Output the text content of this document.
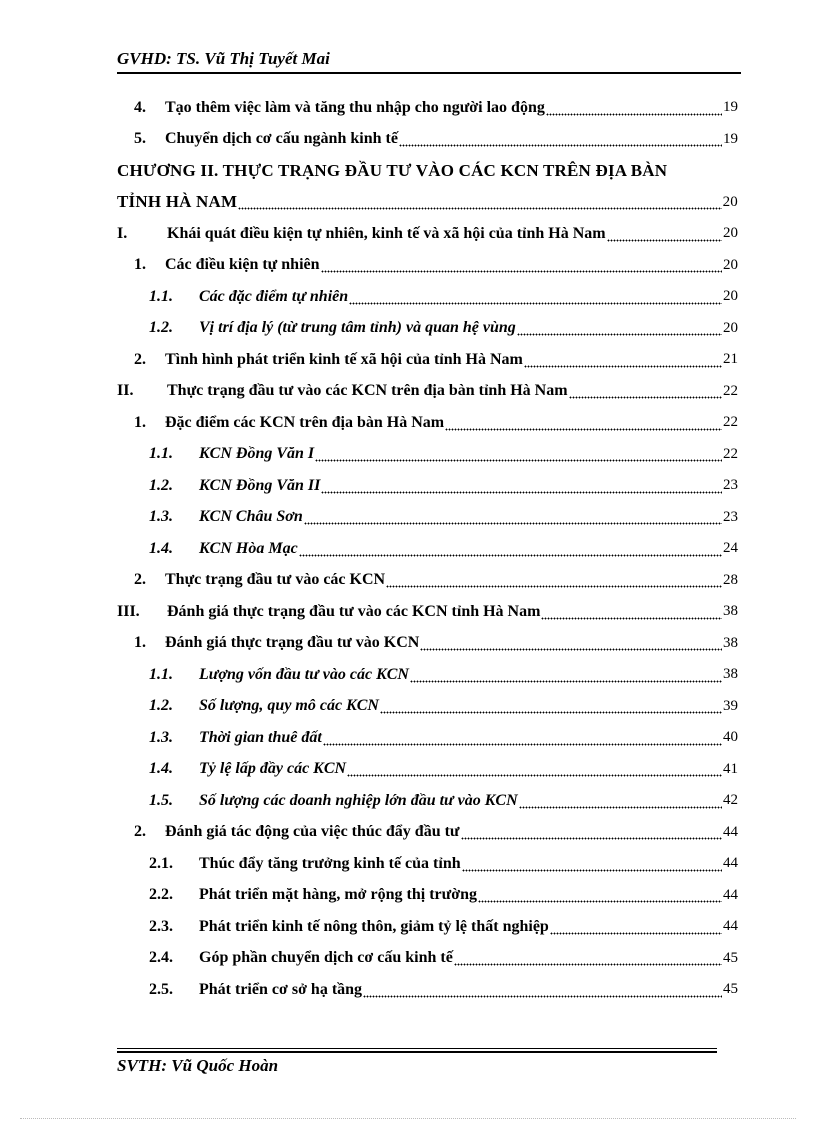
GVHD: TS. Vũ Thị Tuyết Mai
4.	Tạo thêm việc làm và tăng thu nhập cho người lao động	19
5.	Chuyển dịch cơ cấu ngành kinh tế	19
CHƯƠNG II. THỰC TRẠNG ĐẦU TƯ VÀO CÁC KCN TRÊN ĐỊA BÀN
TỈNH HÀ NAM	20
I.	Khái quát điều kiện tự nhiên, kinh tế và xã hội của tỉnh Hà Nam	20
1.	Các điều kiện tự nhiên	20
1.1.	Các đặc điểm tự nhiên	20
1.2.	Vị trí địa lý (từ trung tâm tỉnh) và quan hệ vùng	20
2.	Tình hình phát triển kinh tế xã hội của tỉnh Hà Nam	21
II.	Thực trạng đầu tư vào các KCN trên địa bàn tỉnh Hà Nam	22
1.	Đặc điểm các KCN trên địa bàn Hà Nam	22
1.1.	KCN Đồng Văn I	22
1.2.	KCN Đồng Văn II	23
1.3.	KCN Châu Sơn	23
1.4.	KCN Hòa Mạc	24
2.	Thực trạng đầu tư vào các KCN	28
III.	Đánh giá thực trạng đầu tư vào các KCN tỉnh Hà Nam	38
1.	Đánh giá thực trạng đầu tư vào KCN	38
1.1.	Lượng vốn đầu tư vào các KCN	38
1.2.	Số lượng, quy mô các KCN	39
1.3.	Thời gian thuê đất	40
1.4.	Tỷ lệ lấp đầy các KCN	41
1.5.	Số lượng các doanh nghiệp lớn đầu tư vào KCN	42
2.	Đánh giá tác động của việc thúc đẩy đầu tư	44
2.1.	Thúc đẩy tăng trưởng kinh tế của tỉnh	44
2.2.	Phát triển mặt hàng, mở rộng thị trường	44
2.3.	Phát triển kinh tế nông thôn, giảm tỷ lệ thất nghiệp	44
2.4.	Góp phần chuyển dịch cơ cấu kinh tế	45
2.5.	Phát triển cơ sở hạ tầng	45
SVTH: Vũ Quốc Hoàn
